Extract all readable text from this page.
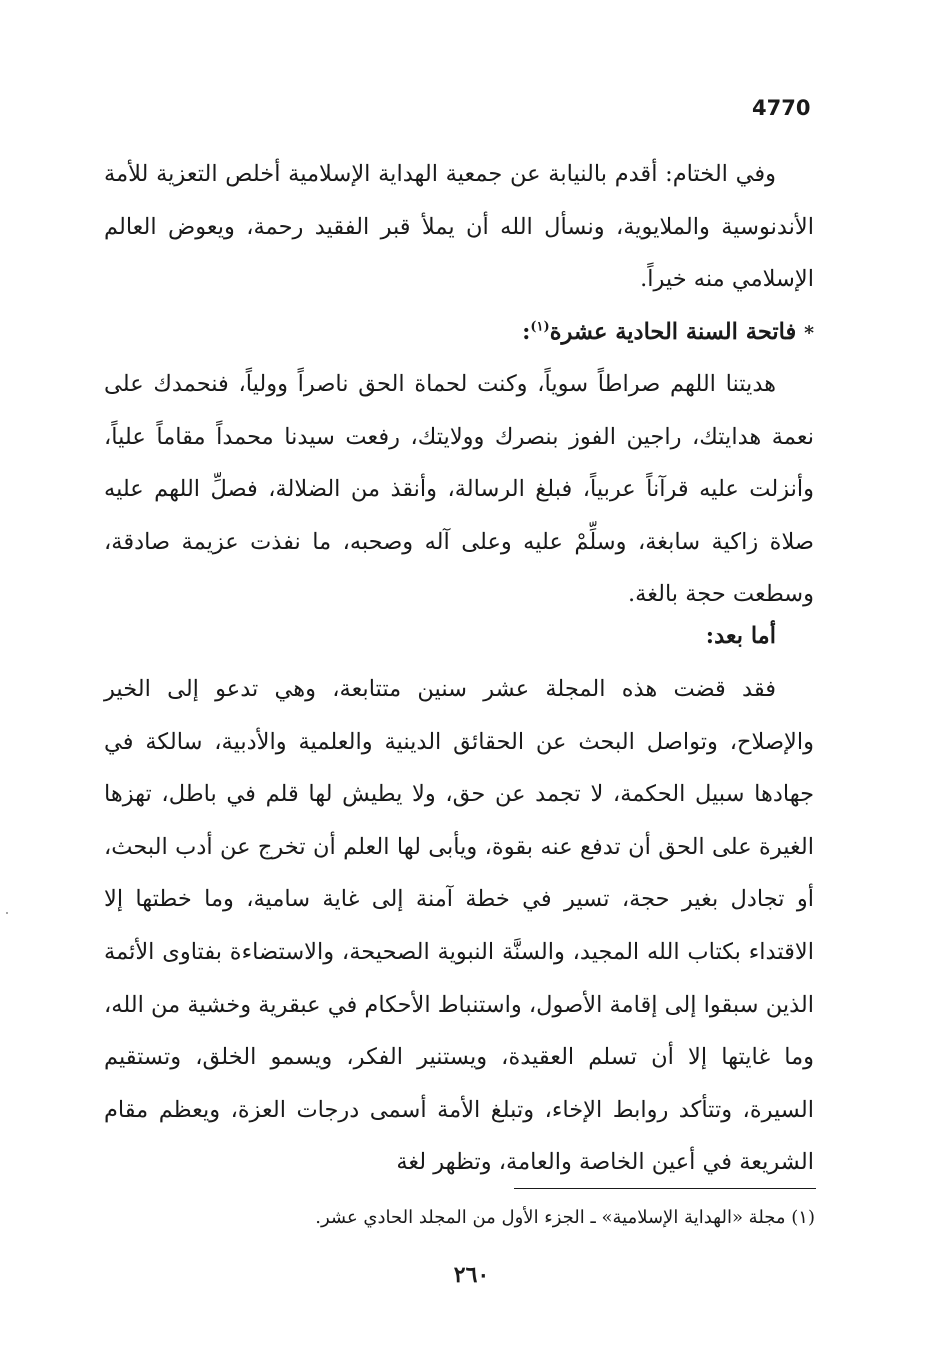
4770

وفي الختام: أقدم بالنيابة عن جمعية الهداية الإسلامية أخلص التعزية للأمة الأندنوسية والملايوية، ونسأل الله أن يملأ قبر الفقيد رحمة، ويعوض العالم الإسلامي منه خيراً.

* فاتحة السنة الحادية عشرة$^{(١)}$:

هديتنا اللهم صراطاً سوياً، وكنت لحماة الحق ناصراً وولياً، فنحمدك على نعمة هدايتك، راجين الفوز بنصرك وولايتك، رفعت سيدنا محمداً مقاماً علياً، وأنزلت عليه قرآناً عربياً، فبلغ الرسالة، وأنقذ من الضلالة، فصلِّ اللهم عليه صلاة زاكية سابغة، وسلِّمْ عليه وعلى آله وصحبه، ما نفذت عزيمة صادقة، وسطعت حجة بالغة.

أما بعد:

فقد قضت هذه المجلة عشر سنين متتابعة، وهي تدعو إلى الخير والإصلاح، وتواصل البحث عن الحقائق الدينية والعلمية والأدبية، سالكة في جهادها سبيل الحكمة، لا تجمد عن حق، ولا يطيش لها قلم في باطل، تهزها الغيرة على الحق أن تدفع عنه بقوة، ويأبى لها العلم أن تخرج عن أدب البحث، أو تجادل بغير حجة، تسير في خطة آمنة إلى غاية سامية، وما خطتها إلا الاقتداء بكتاب الله المجيد، والسنَّة النبوية الصحيحة، والاستضاءة بفتاوى الأئمة الذين سبقوا إلى إقامة الأصول، واستنباط الأحكام في عبقرية وخشية من الله، وما غايتها إلا أن تسلم العقيدة، ويستنير الفكر، ويسمو الخلق، وتستقيم السيرة، وتتأكد روابط الإخاء، وتبلغ الأمة أسمى درجات العزة، ويعظم مقام الشريعة في أعين الخاصة والعامة، وتظهر لغة

(١) مجلة «الهداية الإسلامية» ـ الجزء الأول من المجلد الحادي عشر.
٢٦٠
